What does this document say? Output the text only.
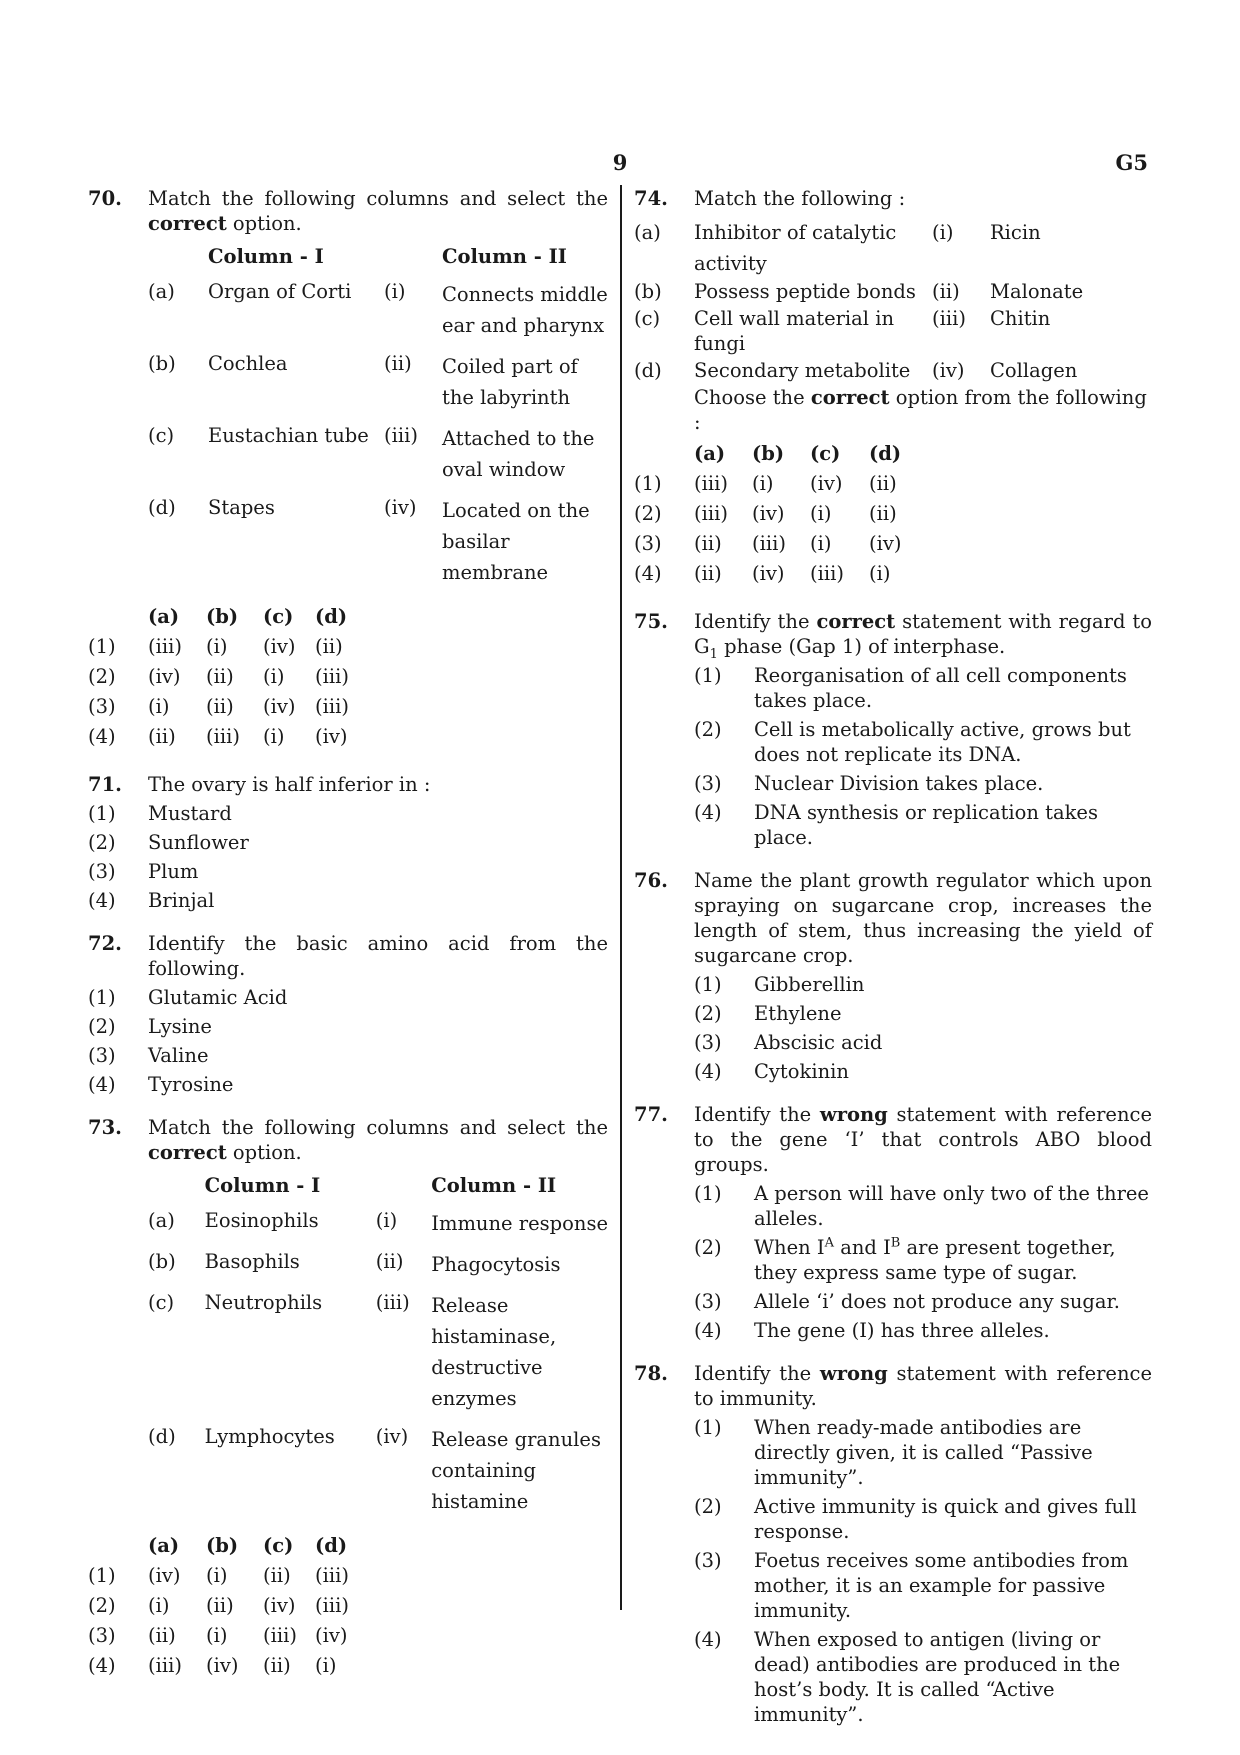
9	G5
70. Match the following columns and select the correct option.
	Column - I		Column - II
(a)	Organ of Corti	(i)	Connects middle ear and pharynx
(b)	Cochlea	(ii)	Coiled part of the labyrinth
(c)	Eustachian tube	(iii)	Attached to the oval window
(d)	Stapes	(iv)	Located on the basilar membrane
	(a)	(b)	(c)	(d)
(1)	(iii)	(i)	(iv)	(ii)
(2)	(iv)	(ii)	(i)	(iii)
(3)	(i)	(ii)	(iv)	(iii)
(4)	(ii)	(iii)	(i)	(iv)
71. The ovary is half inferior in :
(1) Mustard
(2) Sunflower
(3) Plum
(4) Brinjal
72. Identify the basic amino acid from the following.
(1) Glutamic Acid
(2) Lysine
(3) Valine
(4) Tyrosine
73. Match the following columns and select the correct option.
	Column - I		Column - II
(a)	Eosinophils	(i)	Immune response
(b)	Basophils	(ii)	Phagocytosis
(c)	Neutrophils	(iii)	Release histaminase, destructive enzymes
(d)	Lymphocytes	(iv)	Release granules containing histamine
	(a)	(b)	(c)	(d)
(1)	(iv)	(i)	(ii)	(iii)
(2)	(i)	(ii)	(iv)	(iii)
(3)	(ii)	(i)	(iii)	(iv)
(4)	(iii)	(iv)	(ii)	(i)
74. Match the following :
(a)	Inhibitor of catalytic activity	(i)	Ricin
(b)	Possess peptide bonds	(ii)	Malonate
(c)	Cell wall material in fungi	(iii)	Chitin
(d)	Secondary metabolite	(iv)	Collagen
Choose the correct option from the following :
	(a)	(b)	(c)	(d)
(1)	(iii)	(i)	(iv)	(ii)
(2)	(iii)	(iv)	(i)	(ii)
(3)	(ii)	(iii)	(i)	(iv)
(4)	(ii)	(iv)	(iii)	(i)
75. Identify the correct statement with regard to $G_1$ phase (Gap 1) of interphase.
(1) Reorganisation of all cell components takes place.
(2) Cell is metabolically active, grows but does not replicate its DNA.
(3) Nuclear Division takes place.
(4) DNA synthesis or replication takes place.
76. Name the plant growth regulator which upon spraying on sugarcane crop, increases the length of stem, thus increasing the yield of sugarcane crop.
(1) Gibberellin
(2) Ethylene
(3) Abscisic acid
(4) Cytokinin
77. Identify the wrong statement with reference to the gene ‘I’ that controls ABO blood groups.
(1) A person will have only two of the three alleles.
(2) When $I^A$ and $I^B$ are present together, they express same type of sugar.
(3) Allele ‘i’ does not produce any sugar.
(4) The gene (I) has three alleles.
78. Identify the wrong statement with reference to immunity.
(1) When ready-made antibodies are directly given, it is called “Passive immunity”.
(2) Active immunity is quick and gives full response.
(3) Foetus receives some antibodies from mother, it is an example for passive immunity.
(4) When exposed to antigen (living or dead) antibodies are produced in the host’s body. It is called “Active immunity”.
